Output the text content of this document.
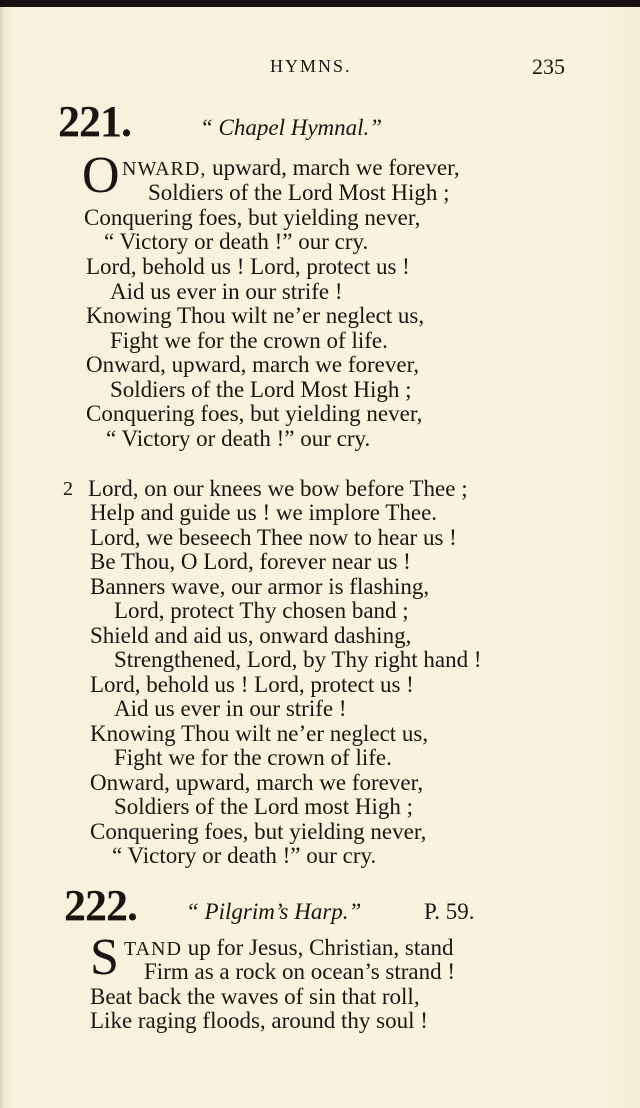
HYMNS.	235
221.	“ Chapel Hymnal.”
O NWARD, upward, march we forever,
Soldiers of the Lord Most High ;
Conquering foes, but yielding never,
“ Victory or death !” our cry.
Lord, behold us ! Lord, protect us !
Aid us ever in our strife !
Knowing Thou wilt ne’er neglect us,
Fight we for the crown of life.
Onward, upward, march we forever,
Soldiers of the Lord Most High ;
Conquering foes, but yielding never,
“ Victory or death !” our cry.
2 Lord, on our knees we bow before Thee ;
Help and guide us ! we implore Thee.
Lord, we beseech Thee now to hear us !
Be Thou, O Lord, forever near us !
Banners wave, our armor is flashing,
Lord, protect Thy chosen band ;
Shield and aid us, onward dashing,
Strengthened, Lord, by Thy right hand !
Lord, behold us ! Lord, protect us !
Aid us ever in our strife !
Knowing Thou wilt ne’er neglect us,
Fight we for the crown of life.
Onward, upward, march we forever,
Soldiers of the Lord most High ;
Conquering foes, but yielding never,
“ Victory or death !” our cry.
222. “ Pilgrim’s Harp.”	P. 59.
S TAND up for Jesus, Christian, stand
Firm as a rock on ocean’s strand !
Beat back the waves of sin that roll,
Like raging floods, around thy soul !
